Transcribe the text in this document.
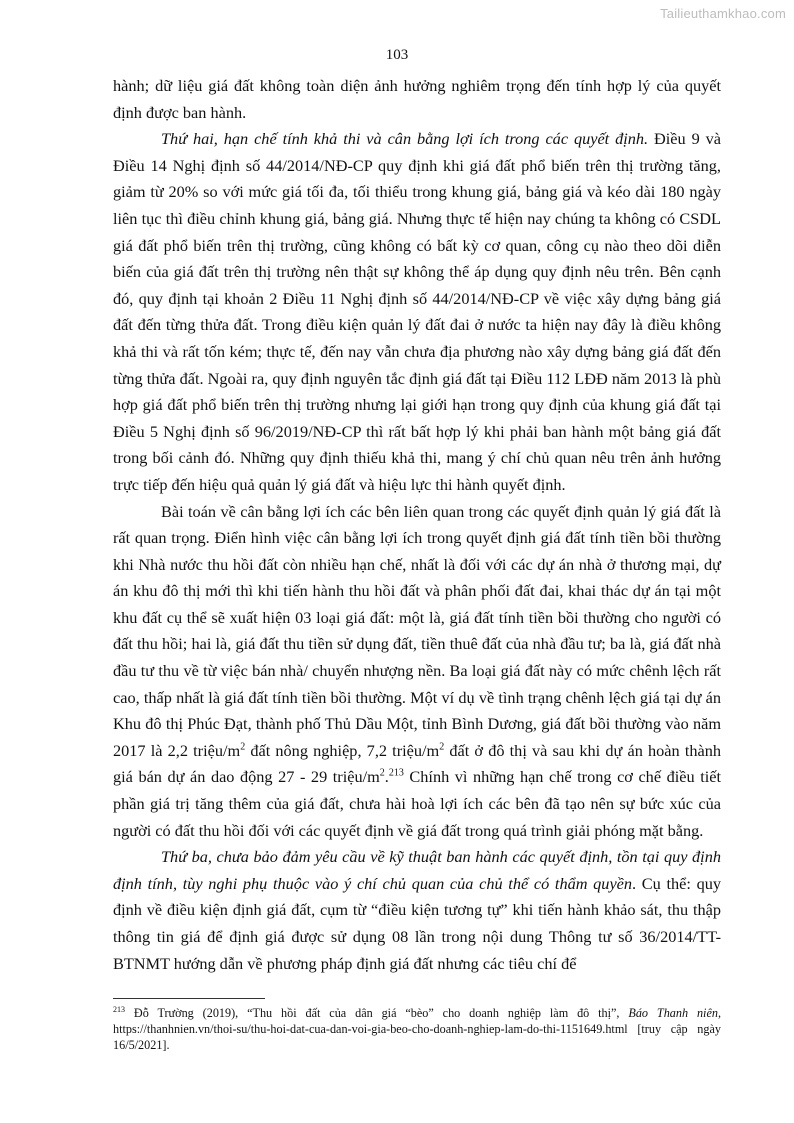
Tailieuthamkhao.com
103

hành; dữ liệu giá đất không toàn diện ảnh hưởng nghiêm trọng đến tính hợp lý của quyết định được ban hành.

Thứ hai, hạn chế tính khả thi và cân bằng lợi ích trong các quyết định. Điều 9 và Điều 14 Nghị định số 44/2014/NĐ-CP quy định khi giá đất phổ biến trên thị trường tăng, giảm từ 20% so với mức giá tối đa, tối thiểu trong khung giá, bảng giá và kéo dài 180 ngày liên tục thì điều chỉnh khung giá, bảng giá. Nhưng thực tế hiện nay chúng ta không có CSDL giá đất phổ biến trên thị trường, cũng không có bất kỳ cơ quan, công cụ nào theo dõi diễn biến của giá đất trên thị trường nên thật sự không thể áp dụng quy định nêu trên. Bên cạnh đó, quy định tại khoản 2 Điều 11 Nghị định số 44/2014/NĐ-CP về việc xây dựng bảng giá đất đến từng thửa đất. Trong điều kiện quản lý đất đai ở nước ta hiện nay đây là điều không khả thi và rất tốn kém; thực tế, đến nay vẫn chưa địa phương nào xây dựng bảng giá đất đến từng thửa đất. Ngoài ra, quy định nguyên tắc định giá đất tại Điều 112 LĐĐ năm 2013 là phù hợp giá đất phổ biến trên thị trường nhưng lại giới hạn trong quy định của khung giá đất tại Điều 5 Nghị định số 96/2019/NĐ-CP thì rất bất hợp lý khi phải ban hành một bảng giá đất trong bối cảnh đó. Những quy định thiếu khả thi, mang ý chí chủ quan nêu trên ảnh hưởng trực tiếp đến hiệu quả quản lý giá đất và hiệu lực thi hành quyết định.

Bài toán về cân bằng lợi ích các bên liên quan trong các quyết định quản lý giá đất là rất quan trọng. Điển hình việc cân bằng lợi ích trong quyết định giá đất tính tiền bồi thường khi Nhà nước thu hồi đất còn nhiều hạn chế, nhất là đối với các dự án nhà ở thương mại, dự án khu đô thị mới thì khi tiến hành thu hồi đất và phân phối đất đai, khai thác dự án tại một khu đất cụ thể sẽ xuất hiện 03 loại giá đất: một là, giá đất tính tiền bồi thường cho người có đất thu hồi; hai là, giá đất thu tiền sử dụng đất, tiền thuê đất của nhà đầu tư; ba là, giá đất nhà đầu tư thu về từ việc bán nhà/ chuyển nhượng nền. Ba loại giá đất này có mức chênh lệch rất cao, thấp nhất là giá đất tính tiền bồi thường. Một ví dụ về tình trạng chênh lệch giá tại dự án Khu đô thị Phúc Đạt, thành phố Thủ Dầu Một, tỉnh Bình Dương, giá đất bồi thường vào năm 2017 là 2,2 triệu/$m^2$ đất nông nghiệp, 7,2 triệu/$m^2$ đất ở đô thị và sau khi dự án hoàn thành giá bán dự án dao động 27 - 29 triệu/$m^2.^{213}$ Chính vì những hạn chế trong cơ chế điều tiết phần giá trị tăng thêm của giá đất, chưa hài hoà lợi ích các bên đã tạo nên sự bức xúc của người có đất thu hồi đối với các quyết định về giá đất trong quá trình giải phóng mặt bằng.

Thứ ba, chưa bảo đảm yêu cầu về kỹ thuật ban hành các quyết định, tồn tại quy định định tính, tùy nghi phụ thuộc vào ý chí chủ quan của chủ thể có thẩm quyền. Cụ thể: quy định về điều kiện định giá đất, cụm từ “điều kiện tương tự” khi tiến hành khảo sát, thu thập thông tin giá để định giá được sử dụng 08 lần trong nội dung Thông tư số 36/2014/TT-BTNMT hướng dẫn về phương pháp định giá đất nhưng các tiêu chí để

$^{213}$ Đỗ Trường (2019), “Thu hồi đất của dân giá “bèo” cho doanh nghiệp làm đô thị”, Báo Thanh niên, https://thanhnien.vn/thoi-su/thu-hoi-dat-cua-dan-voi-gia-beo-cho-doanh-nghiep-lam-do-thi-1151649.html [truy cập ngày 16/5/2021].
